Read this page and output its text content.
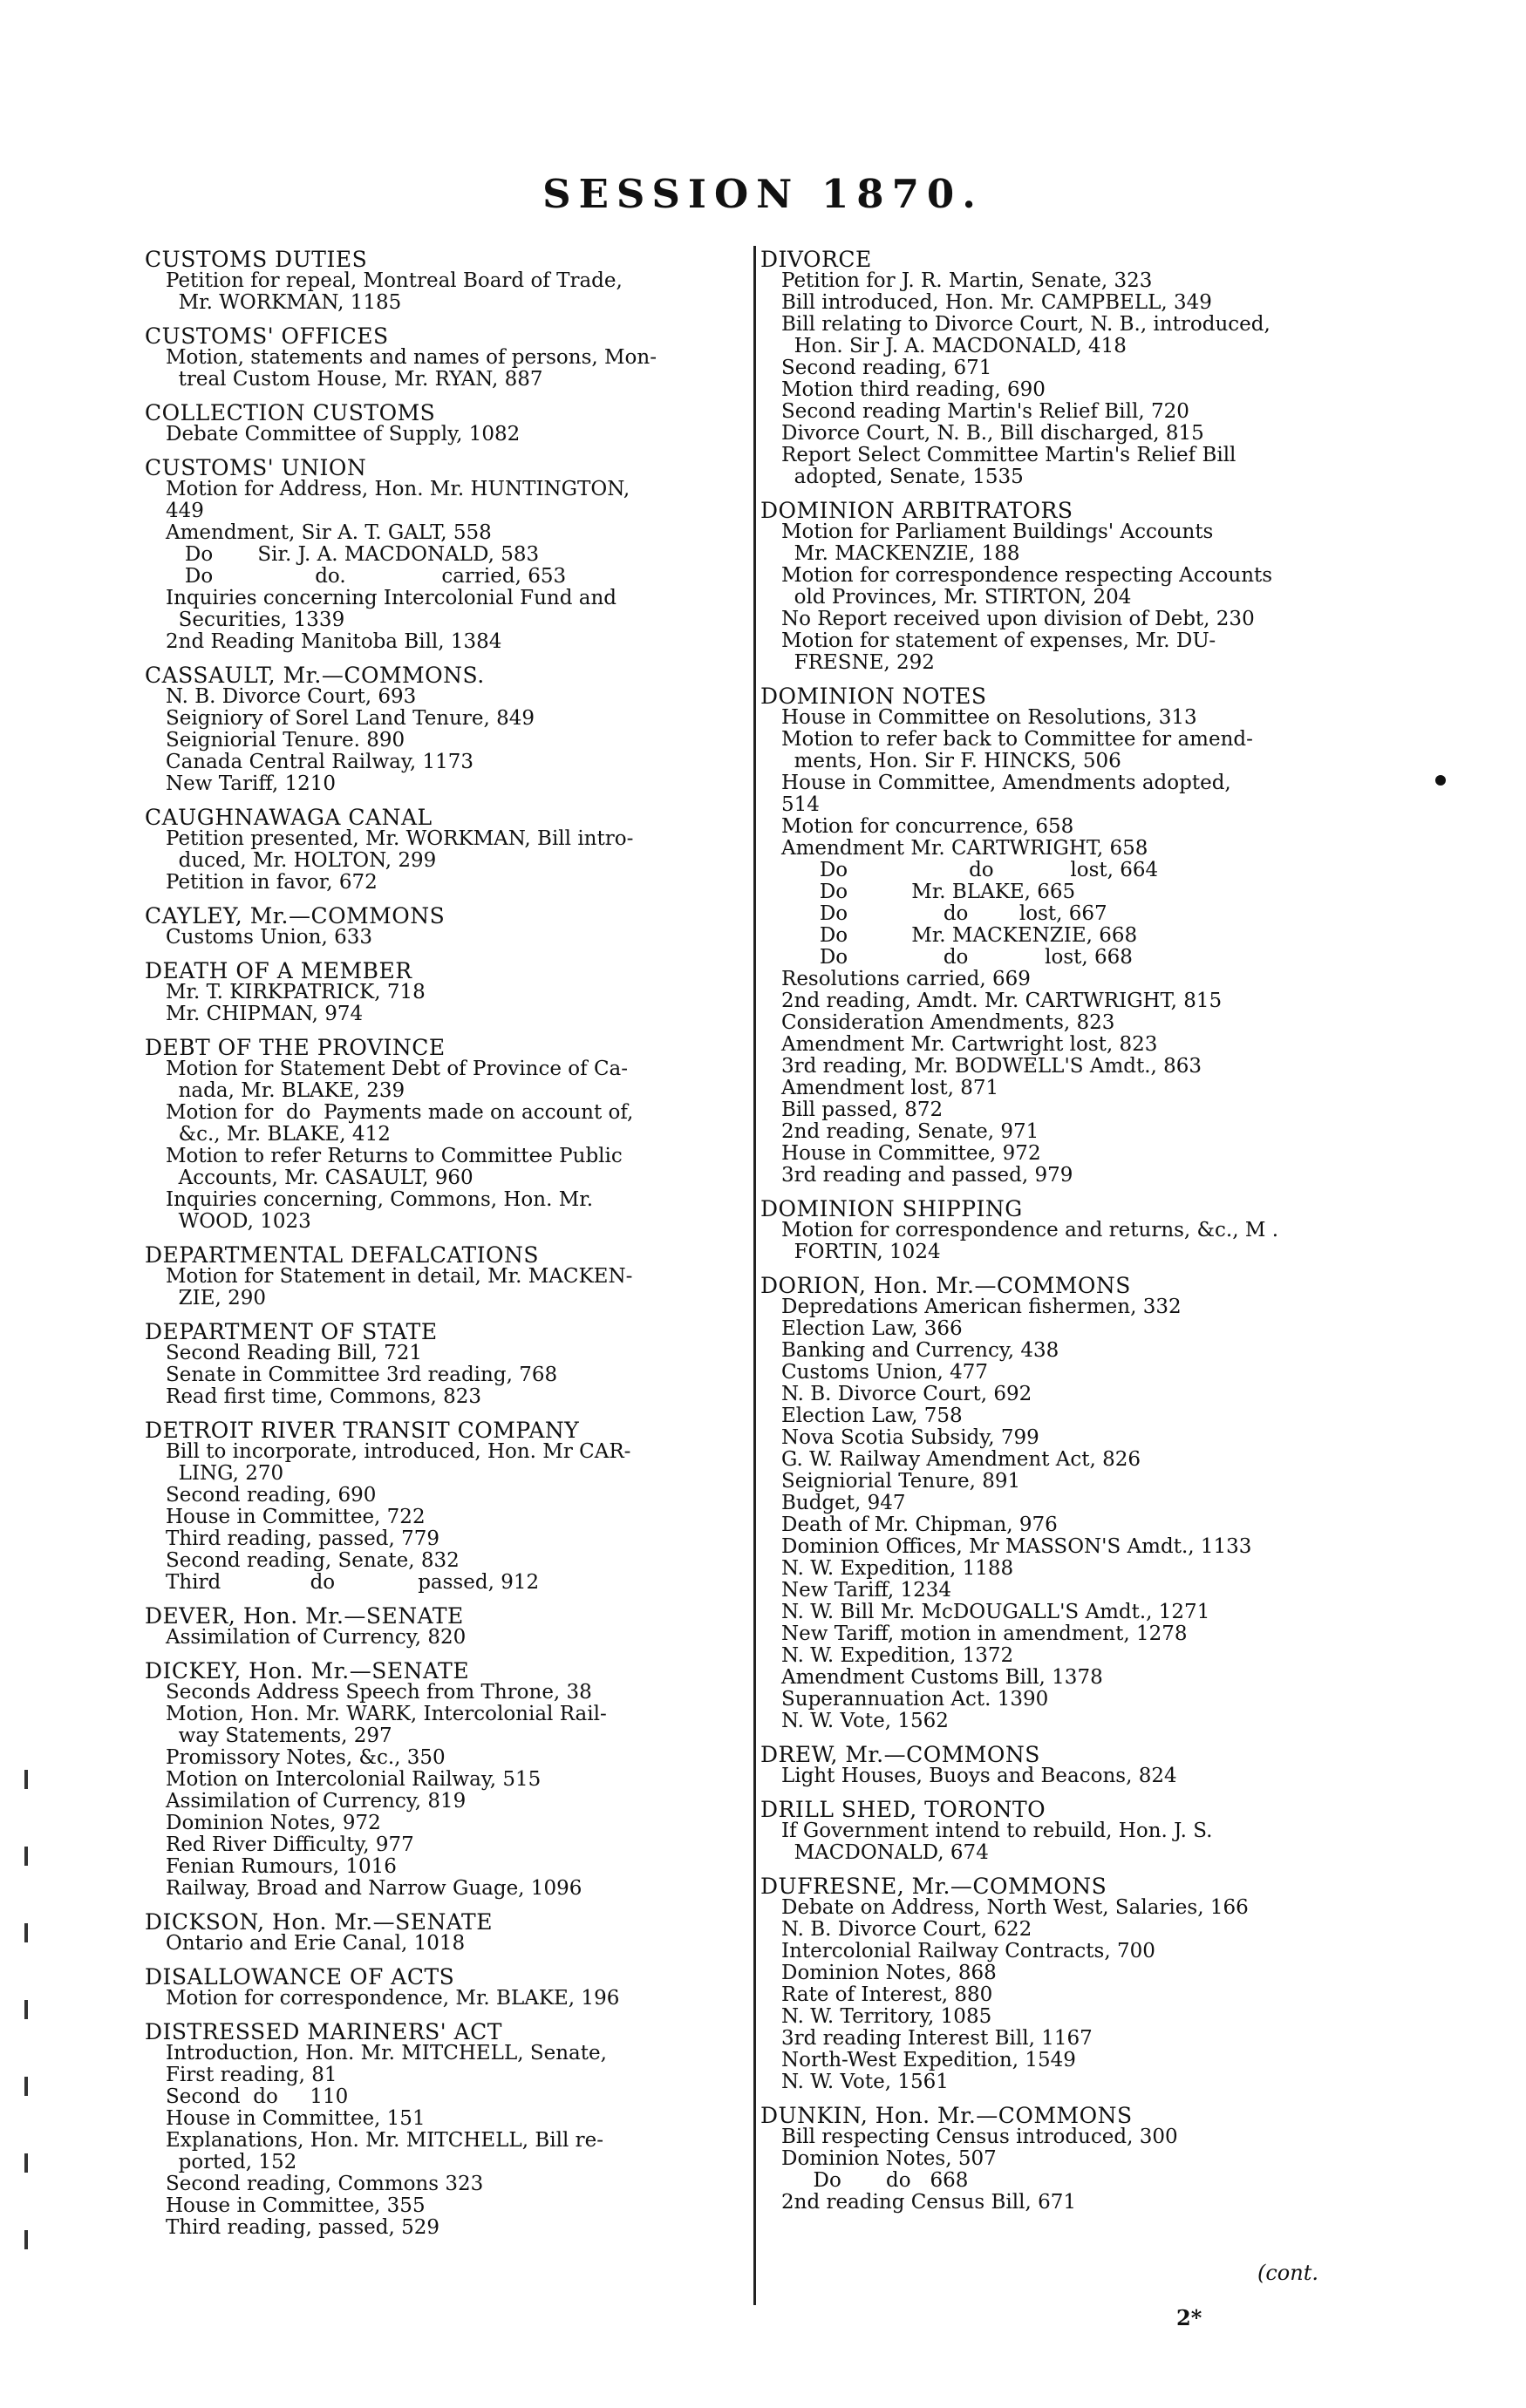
SESSION 1870.
CUSTOMS DUTIES
Petition for repeal, Montreal Board of Trade,
Mr. WORKMAN, 1185
CUSTOMS' OFFICES
Motion, statements and names of persons, Mon-
treal Custom House, Mr. RYAN, 887
COLLECTION CUSTOMS
Debate Committee of Supply, 1082
CUSTOMS' UNION
Motion for Address, Hon. Mr. HUNTINGTON,
449
Amendment, Sir A. T. GALT, 558
Do       Sir. J. A. MACDONALD, 583
Do                do.               carried, 653
Inquiries concerning Intercolonial Fund and
Securities, 1339
2nd Reading Manitoba Bill, 1384
CASSAULT, Mr.—COMMONS.
N. B. Divorce Court, 693
Seigniory of Sorel Land Tenure, 849
Seigniorial Tenure. 890
Canada Central Railway, 1173
New Tariff, 1210
CAUGHNAWAGA CANAL
Petition presented, Mr. WORKMAN, Bill intro-
duced, Mr. HOLTON, 299
Petition in favor, 672
CAYLEY, Mr.—COMMONS
Customs Union, 633
DEATH OF A MEMBER
Mr. T. KIRKPATRICK, 718
Mr. CHIPMAN, 974
DEBT OF THE PROVINCE
Motion for Statement Debt of Province of Ca-
nada, Mr. BLAKE, 239
Motion for  do  Payments made on account of,
&c., Mr. BLAKE, 412
Motion to refer Returns to Committee Public
Accounts, Mr. CASAULT, 960
Inquiries concerning, Commons, Hon. Mr.
WOOD, 1023
DEPARTMENTAL DEFALCATIONS
Motion for Statement in detail, Mr. MACKEN-
ZIE, 290
DEPARTMENT OF STATE
Second Reading Bill, 721
Senate in Committee 3rd reading, 768
Read first time, Commons, 823
DETROIT RIVER TRANSIT COMPANY
Bill to incorporate, introduced, Hon. Mr CAR-
LING, 270
Second reading, 690
House in Committee, 722
Third reading, passed, 779
Second reading, Senate, 832
Third              do             passed, 912
DEVER, Hon. Mr.—SENATE
Assimilation of Currency, 820
DICKEY, Hon. Mr.—SENATE
Seconds Address Speech from Throne, 38
Motion, Hon. Mr. WARK, Intercolonial Rail-
way Statements, 297
Promissory Notes, &c., 350
Motion on Intercolonial Railway, 515
Assimilation of Currency, 819
Dominion Notes, 972
Red River Difficulty, 977
Fenian Rumours, 1016
Railway, Broad and Narrow Guage, 1096
DICKSON, Hon. Mr.—SENATE
Ontario and Erie Canal, 1018
DISALLOWANCE OF ACTS
Motion for correspondence, Mr. BLAKE, 196
DISTRESSED MARINERS' ACT
Introduction, Hon. Mr. MITCHELL, Senate,
First reading, 81
Second  do     110
House in Committee, 151
Explanations, Hon. Mr. MITCHELL, Bill re-
ported, 152
Second reading, Commons 323
House in Committee, 355
Third reading, passed, 529
DIVORCE
Petition for J. R. Martin, Senate, 323
Bill introduced, Hon. Mr. CAMPBELL, 349
Bill relating to Divorce Court, N. B., introduced,
Hon. Sir J. A. MACDONALD, 418
Second reading, 671
Motion third reading, 690
Second reading Martin's Relief Bill, 720
Divorce Court, N. B., Bill discharged, 815
Report Select Committee Martin's Relief Bill
adopted, Senate, 1535
DOMINION ARBITRATORS
Motion for Parliament Buildings' Accounts
Mr. MACKENZIE, 188
Motion for correspondence respecting Accounts
old Provinces, Mr. STIRTON, 204
No Report received upon division of Debt, 230
Motion for statement of expenses, Mr. DU-
FRESNE, 292
DOMINION NOTES
House in Committee on Resolutions, 313
Motion to refer back to Committee for amend-
ments, Hon. Sir F. HINCKS, 506
House in Committee, Amendments adopted,
514
Motion for concurrence, 658
Amendment Mr. CARTWRIGHT, 658
Do                   do            lost, 664
Do          Mr. BLAKE, 665
Do               do        lost, 667
Do          Mr. MACKENZIE, 668
Do               do            lost, 668
Resolutions carried, 669
2nd reading, Amdt. Mr. CARTWRIGHT, 815
Consideration Amendments, 823
Amendment Mr. Cartwright lost, 823
3rd reading, Mr. BODWELL'S Amdt., 863
Amendment lost, 871
Bill passed, 872
2nd reading, Senate, 971
House in Committee, 972
3rd reading and passed, 979
DOMINION SHIPPING
Motion for correspondence and returns, &c., M .
FORTIN, 1024
DORION, Hon. Mr.—COMMONS
Depredations American fishermen, 332
Election Law, 366
Banking and Currency, 438
Customs Union, 477
N. B. Divorce Court, 692
Election Law, 758
Nova Scotia Subsidy, 799
G. W. Railway Amendment Act, 826
Seigniorial Tenure, 891
Budget, 947
Death of Mr. Chipman, 976
Dominion Offices, Mr MASSON'S Amdt., 1133
N. W. Expedition, 1188
New Tariff, 1234
N. W. Bill Mr. McDOUGALL'S Amdt., 1271
New Tariff, motion in amendment, 1278
N. W. Expedition, 1372
Amendment Customs Bill, 1378
Superannuation Act. 1390
N. W. Vote, 1562
DREW, Mr.—COMMONS
Light Houses, Buoys and Beacons, 824
DRILL SHED, TORONTO
If Government intend to rebuild, Hon. J. S.
MACDONALD, 674
DUFRESNE, Mr.—COMMONS
Debate on Address, North West, Salaries, 166
N. B. Divorce Court, 622
Intercolonial Railway Contracts, 700
Dominion Notes, 868
Rate of Interest, 880
N. W. Territory, 1085
3rd reading Interest Bill, 1167
North-West Expedition, 1549
N. W. Vote, 1561
DUNKIN, Hon. Mr.—COMMONS
Bill respecting Census introduced, 300
Dominion Notes, 507
Do       do   668
2nd reading Census Bill, 671
(cont.
2*
